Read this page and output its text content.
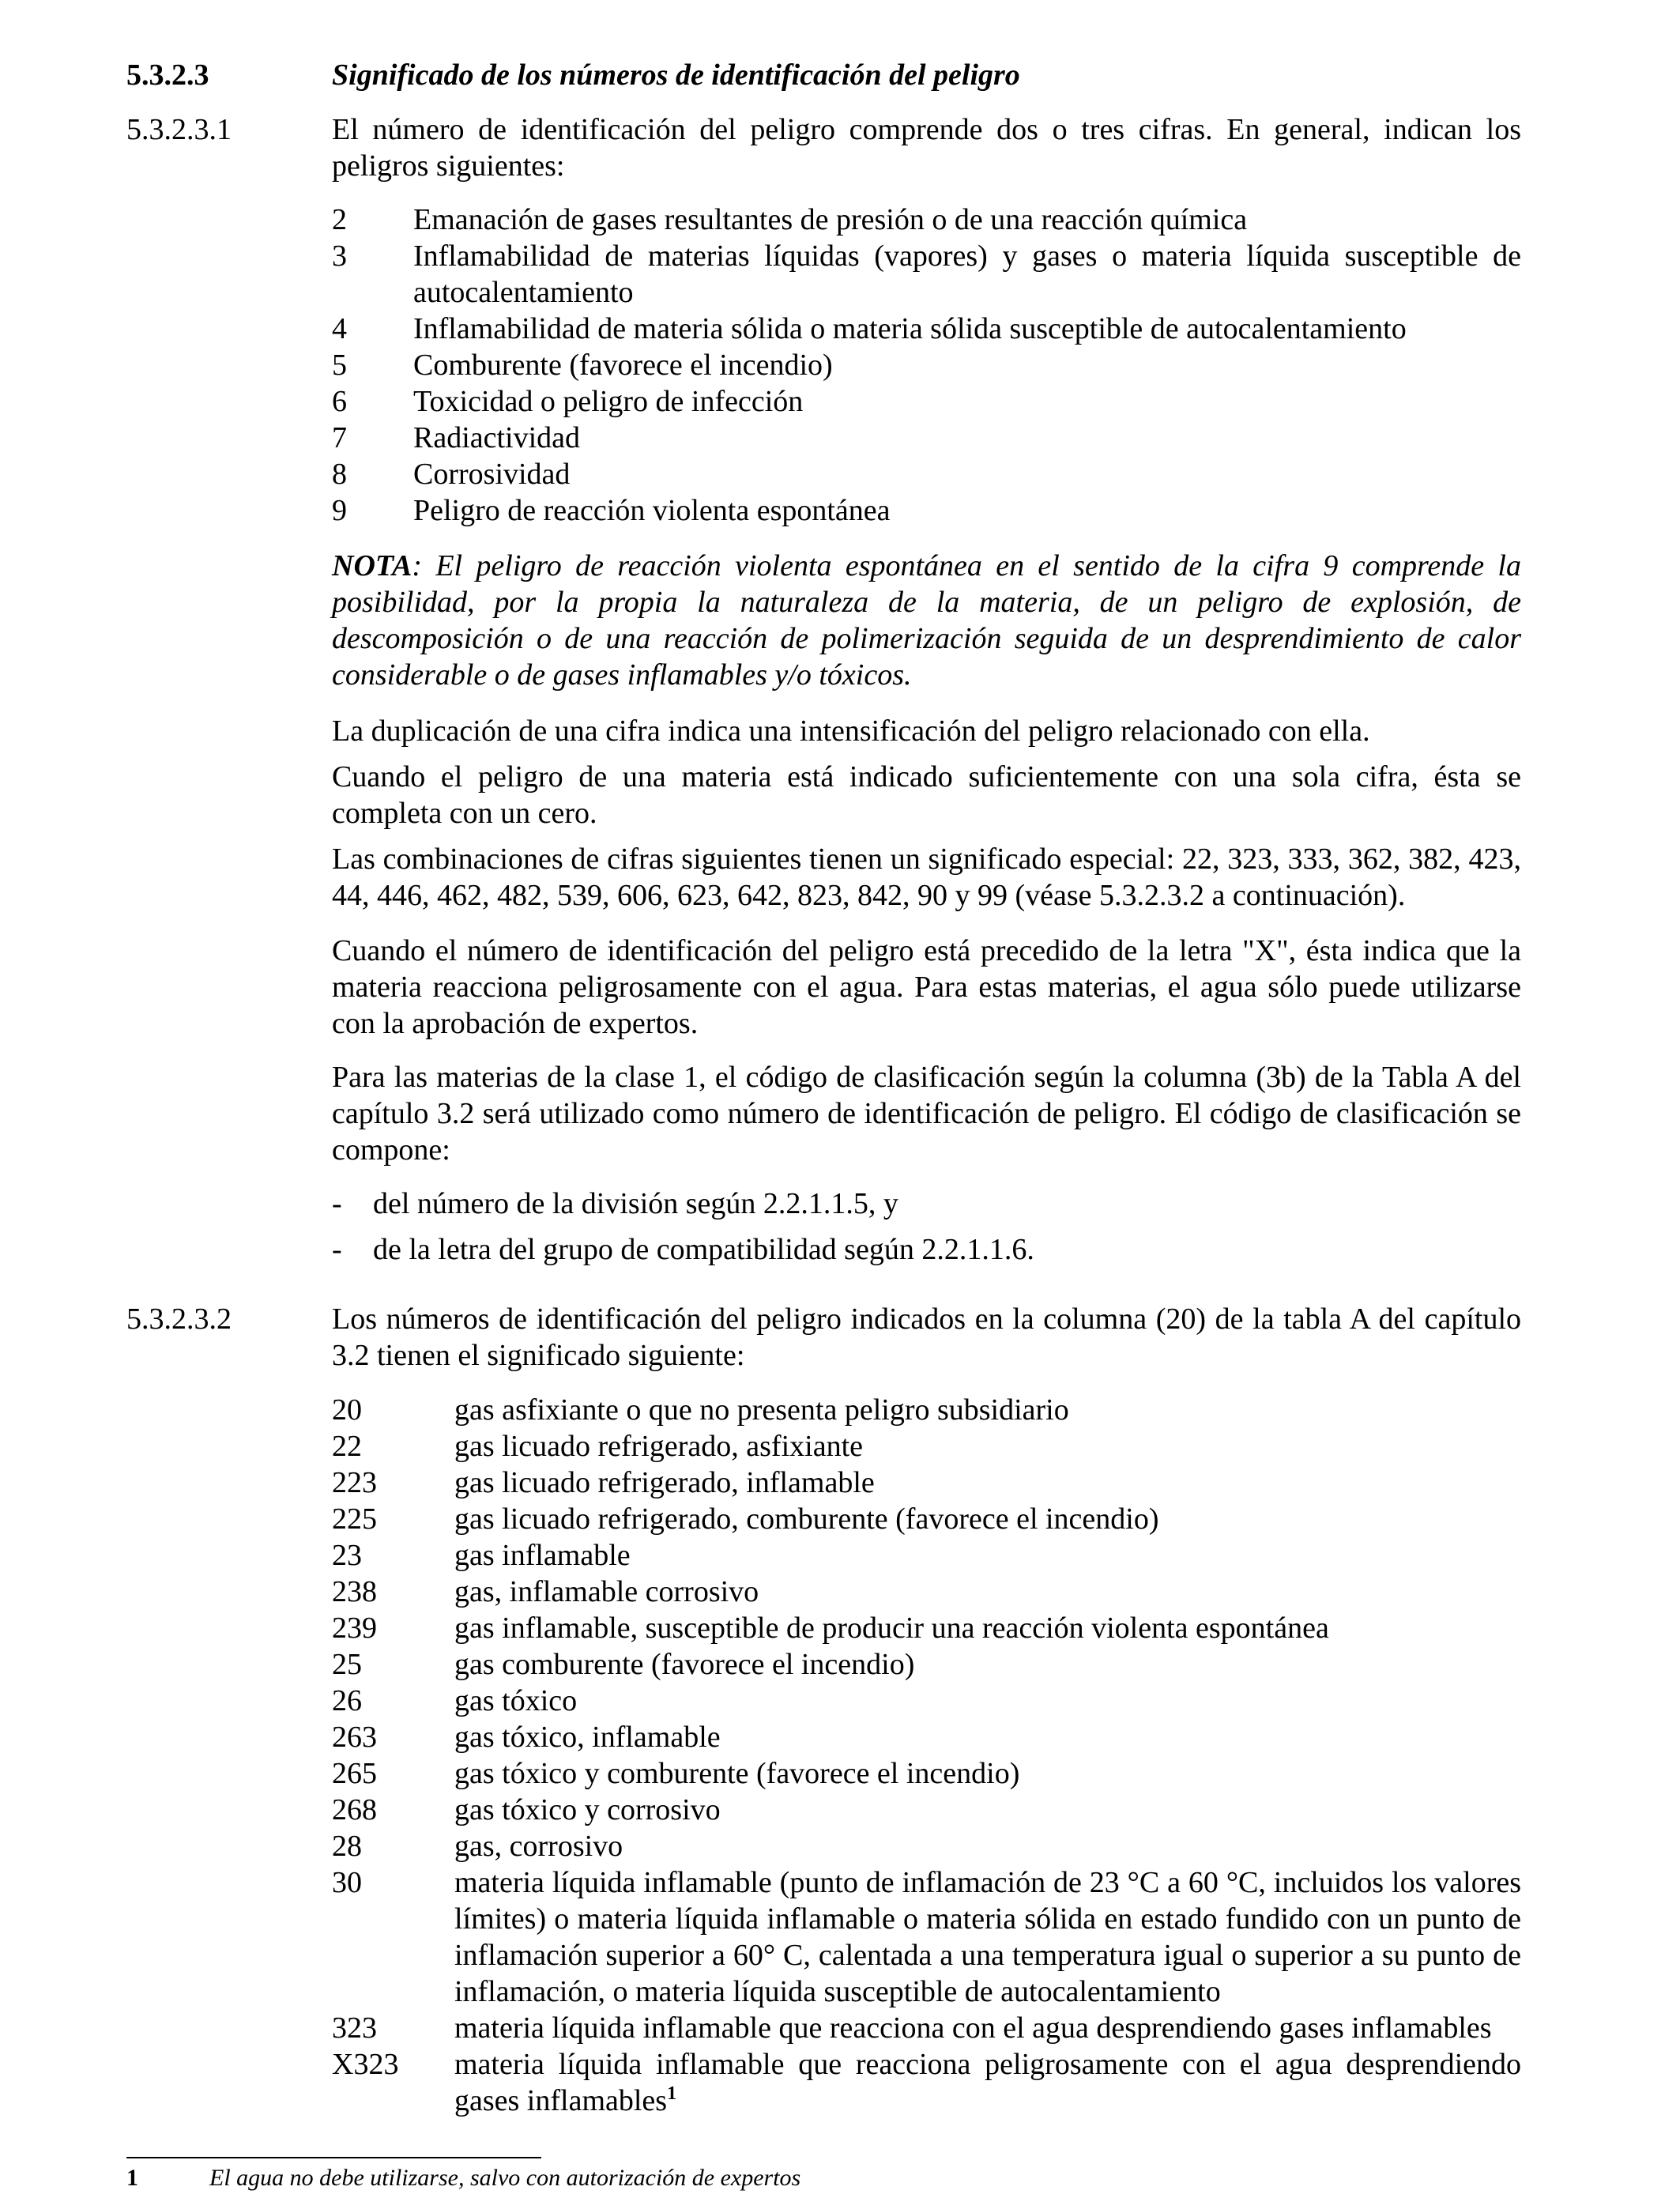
5.3.2.3	Significado de los números de identificación del peligro
5.3.2.3.1	El número de identificación del peligro comprende dos o tres cifras. En general, indican los peligros siguientes:

2	Emanación de gases resultantes de presión o de una reacción química
3	Inflamabilidad de materias líquidas (vapores) y gases o materia líquida susceptible de autocalentamiento
4	Inflamabilidad de materia sólida o materia sólida susceptible de autocalentamiento
5	Comburente (favorece el incendio)
6	Toxicidad o peligro de infección
7	Radiactividad
8	Corrosividad
9	Peligro de reacción violenta espontánea

NOTA: El peligro de reacción violenta espontánea en el sentido de la cifra 9 comprende la posibilidad, por la propia la naturaleza de la materia, de un peligro de explosión, de descomposición o de una reacción de polimerización seguida de un desprendimiento de calor considerable o de gases inflamables y/o tóxicos.

La duplicación de una cifra indica una intensificación del peligro relacionado con ella.
Cuando el peligro de una materia está indicado suficientemente con una sola cifra, ésta se completa con un cero.
Las combinaciones de cifras siguientes tienen un significado especial: 22, 323, 333, 362, 382, 423, 44, 446, 462, 482, 539, 606, 623, 642, 823, 842, 90 y 99 (véase 5.3.2.3.2 a continuación).
Cuando el número de identificación del peligro está precedido de la letra "X", ésta indica que la materia reacciona peligrosamente con el agua. Para estas materias, el agua sólo puede utilizarse con la aprobación de expertos.
Para las materias de la clase 1, el código de clasificación según la columna (3b) de la Tabla A del capítulo 3.2 será utilizado como número de identificación de peligro. El código de clasificación se compone:
-	del número de la división según 2.2.1.1.5, y
-	de la letra del grupo de compatibilidad según 2.2.1.1.6.
5.3.2.3.2	Los números de identificación del peligro indicados en la columna (20) de la tabla A del capítulo 3.2 tienen el significado siguiente:
20	gas asfixiante o que no presenta peligro subsidiario
22	gas licuado refrigerado, asfixiante
223	gas licuado refrigerado, inflamable
225	gas licuado refrigerado, comburente (favorece el incendio)
23	gas inflamable
238	gas, inflamable corrosivo
239	gas inflamable, susceptible de producir una reacción violenta espontánea
25	gas comburente (favorece el incendio)
26	gas tóxico
263	gas tóxico, inflamable
265	gas tóxico y comburente (favorece el incendio)
268	gas tóxico y corrosivo
28	gas, corrosivo
30	materia líquida inflamable (punto de inflamación de 23 °C a 60 °C, incluidos los valores límites) o materia líquida inflamable o materia sólida en estado fundido con un punto de inflamación superior a 60° C, calentada a una temperatura igual o superior a su punto de inflamación, o materia líquida susceptible de autocalentamiento
323	materia líquida inflamable que reacciona con el agua desprendiendo gases inflamables
X323	materia líquida inflamable que reacciona peligrosamente con el agua desprendiendo gases inflamables$^1$
1	El agua no debe utilizarse, salvo con autorización de expertos
